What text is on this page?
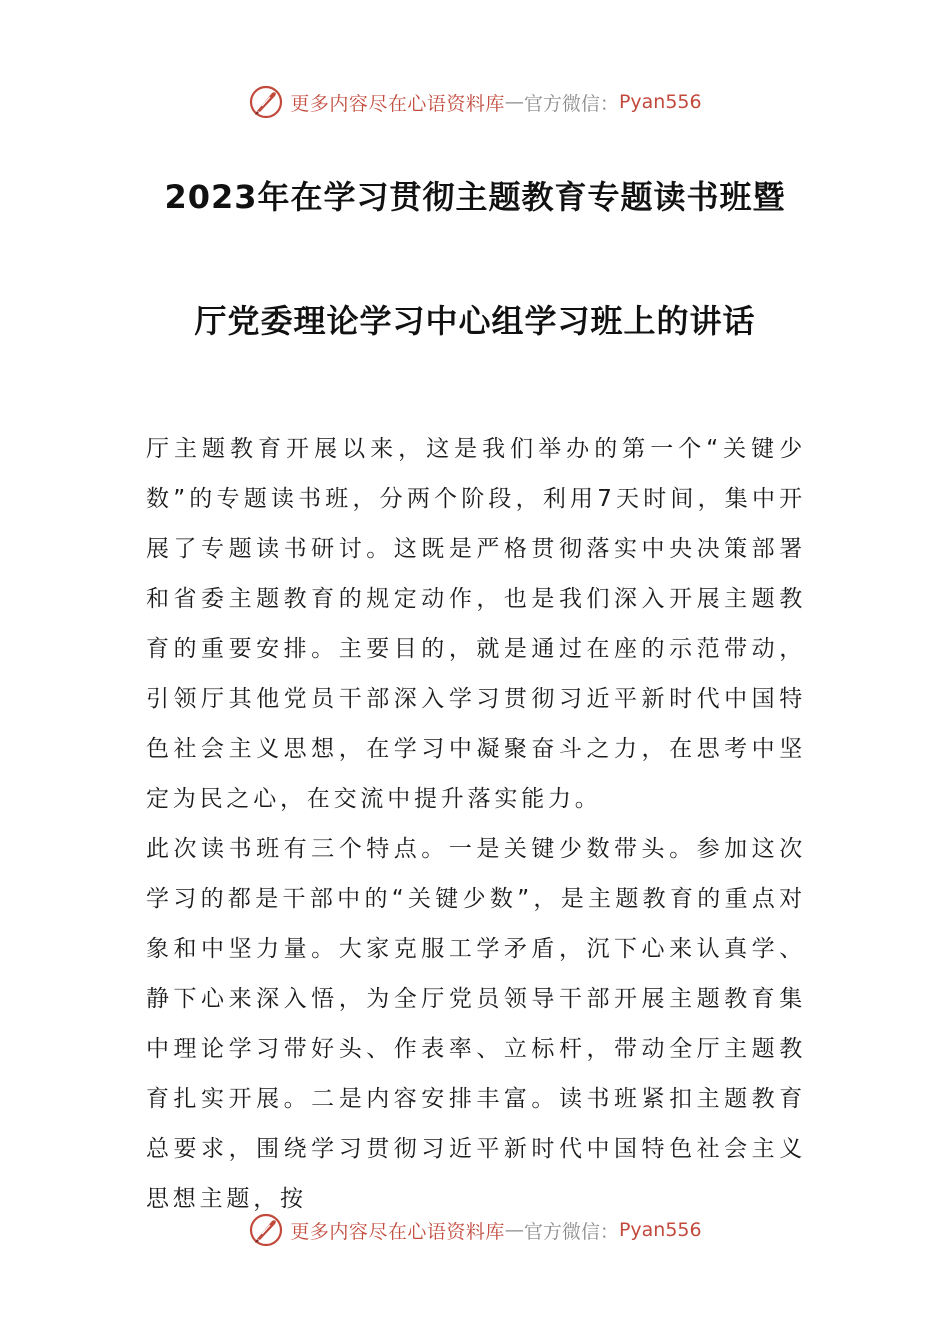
更多内容尽在心语资料库 — 官方微信： Pyan556
2023年在学习贯彻主题教育专题读书班暨
厅党委理论学习中心组学习班上的讲话

厅主题教育开展以来，这是我们举办的第一个“关键少数”的专题读书班，分两个阶段，利用7天时间，集中开展了专题读书研讨。这既是严格贯彻落实中央决策部署和省委主题教育的规定动作，也是我们深入开展主题教育的重要安排。主要目的，就是通过在座的示范带动，引领厅其他党员干部深入学习贯彻习近平新时代中国特色社会主义思想，在学习中凝聚奋斗之力，在思考中坚定为民之心，在交流中提升落实能力。

此次读书班有三个特点。一是关键少数带头。参加这次学习的都是干部中的“关键少数”，是主题教育的重点对象和中坚力量。大家克服工学矛盾，沉下心来认真学、静下心来深入悟，为全厅党员领导干部开展主题教育集中理论学习带好头、作表率、立标杆，带动全厅主题教育扎实开展。二是内容安排丰富。读书班紧扣主题教育总要求，围绕学习贯彻习近平新时代中国特色社会主义思想主题，按

更多内容尽在心语资料库 — 官方微信： Pyan556
